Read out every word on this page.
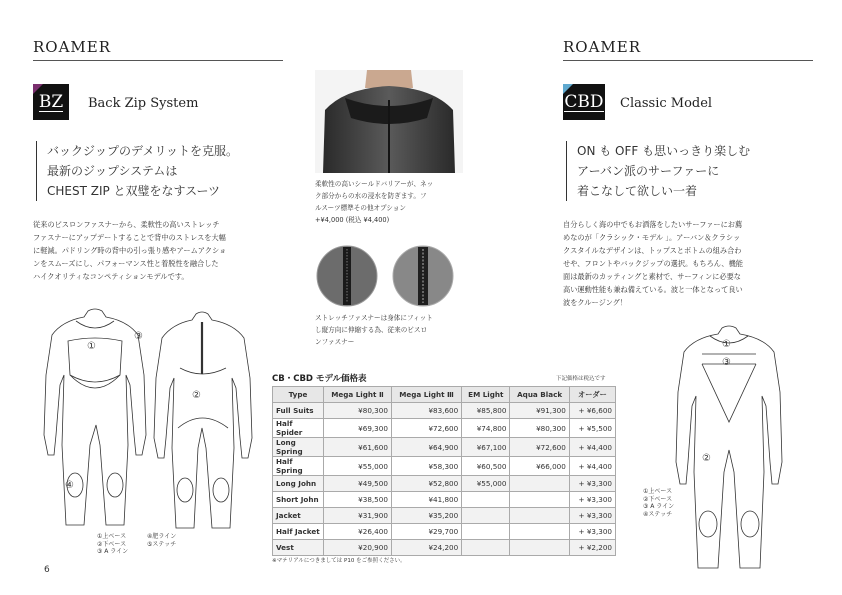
ROAMER
BZ Back Zip System
バックジップのデメリットを克服。
最新のジップシステムは
CHEST ZIP と双璧をなすスーツ
従来のビスロンファスナーから、柔軟性の高いストレッチ
ファスナーにアップデートすることで背中のストレスを大幅
に軽減。パドリング時の背中の引っ張り感やアームアクショ
ンをスムーズにし、パフォーマンス性と着脱性を融合した
ハイクオリティなコンペティションモデルです。
①
③
④
②
①上ベース
②下ベース
③ A ライン
④肥ライン
⑤ステッチ
6
柔軟性の高いシールドバリアーが、ネッ
ク部分からの水の浸水を防ぎます。フ
ルスーツ標準その他オプション
+¥4,000 (税込 ¥4,400)
ストレッチファスナーは身体にフィット
し縦方向に伸縮する為、従来のビスロ
ンファスナー
CB・CBD モデル価格表	下記価格は税込です
Type	Mega Light Ⅱ	Mega Light Ⅲ	EM Light	Aqua Black	オーダー
Full Suits	¥80,300	¥83,600	¥85,800	¥91,300	+ ¥6,600
Half Spider	¥69,300	¥72,600	¥74,800	¥80,300	+ ¥5,500
Long Spring	¥61,600	¥64,900	¥67,100	¥72,600	+ ¥4,400
Half Spring	¥55,000	¥58,300	¥60,500	¥66,000	+ ¥4,400
Long John	¥49,500	¥52,800	¥55,000		+ ¥3,300
Short John	¥38,500	¥41,800			+ ¥3,300
Jacket	¥31,900	¥35,200			+ ¥3,300
Half Jacket	¥26,400	¥29,700			+ ¥3,300
Vest	¥20,900	¥24,200			+ ¥2,200
※マテリアルにつきましては P10 をご参照ください。
ROAMER
CBD Classic Model
ON も OFF も思いっきり楽しむ
アーバン派のサーファーに
着こなして欲しい一着
自分らしく海の中でもお洒落をしたいサーファーにお薦
めなのが「クラシック・モデル 」。アーバン＆クラシッ
クスタイルなデザインは、トップスとボトムの組み合わ
せや、フロントやバックジップの選択。もちろん、機能
面は最新のカッティングと素材で、サーフィンに必要な
高い運動性能も兼ね備えている。波と一体となって良い
波をクルージング！
①
③
②
①上ベース
②下ベース
③ A ライン
④ステッチ
